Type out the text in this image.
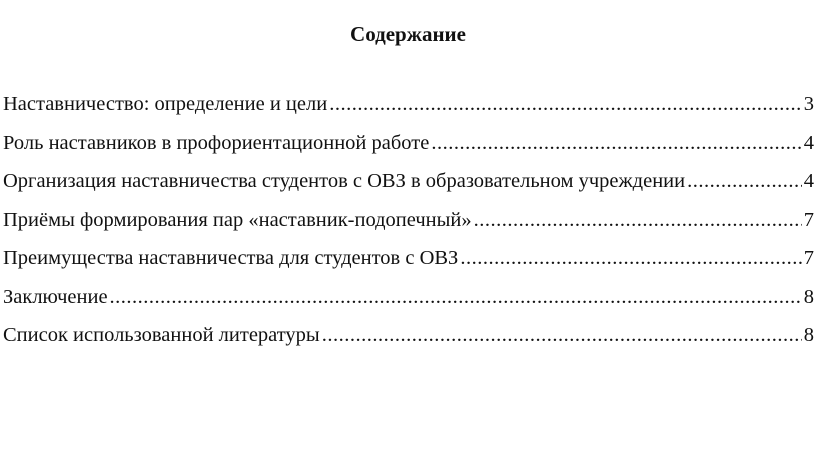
Содержание
Наставничество: определение и цели .....	3
Роль наставников в профориентационной работе .....	4
Организация наставничества студентов с ОВЗ в образовательном учреждении .....	4
Приёмы формирования пар «наставник-подопечный» .....	7
Преимущества наставничества для студентов с ОВЗ .....	7
Заключение .....	8
Список использованной литературы .....	8
